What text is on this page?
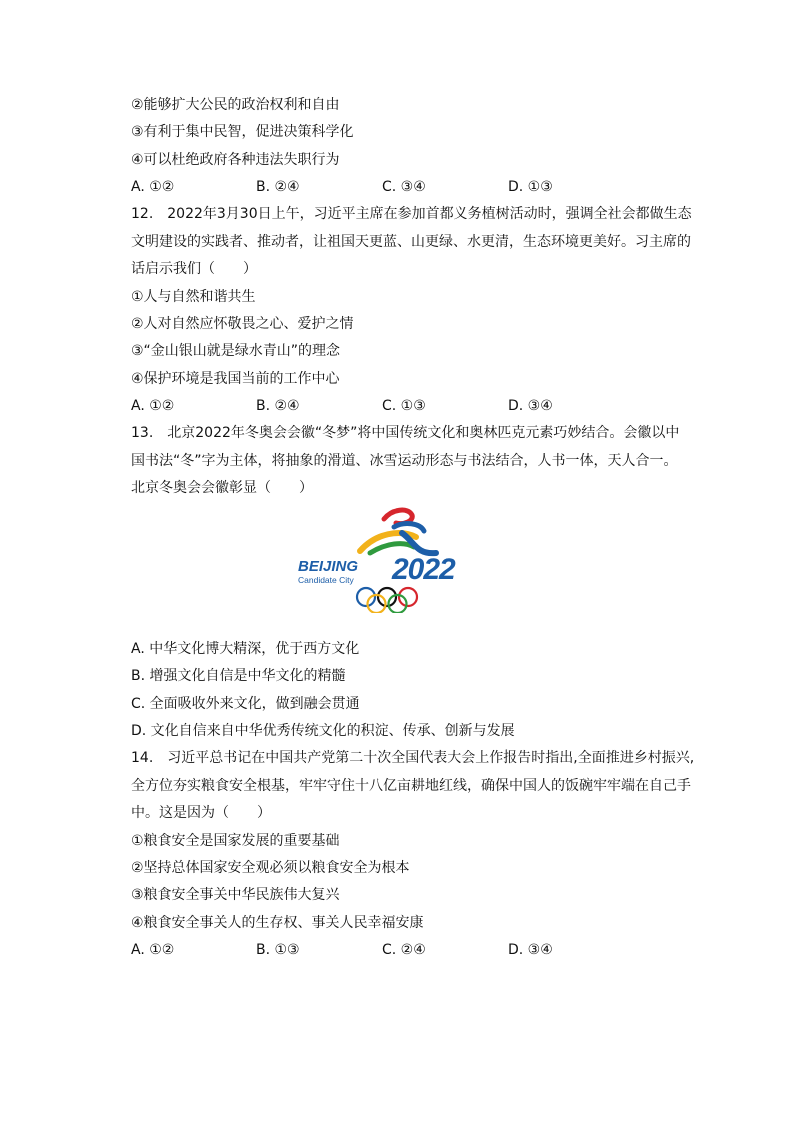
②能够扩大公民的政治权利和自由
③有利于集中民智，促进决策科学化
④可以杜绝政府各种违法失职行为
A. ①②	B. ②④	C. ③④	D. ①③
12.　2022年3月30日上午，习近平主席在参加首都义务植树活动时，强调全社会都做生态
文明建设的实践者、推动者，让祖国天更蓝、山更绿、水更清，生态环境更美好。习主席的
话启示我们（　　）
①人与自然和谐共生
②人对自然应怀敬畏之心、爱护之情
③“金山银山就是绿水青山”的理念
④保护环境是我国当前的工作中心
A. ①②	B. ②④	C. ①③	D. ③④
13.　北京2022年冬奥会会徽“冬梦”将中国传统文化和奥林匹克元素巧妙结合。会徽以中
国书法“冬”字为主体，将抽象的滑道、冰雪运动形态与书法结合，人书一体，天人合一。
北京冬奥会会徽彰显（　　）
BEIJING
Candidate City 2022
A. 中华文化博大精深，优于西方文化
B. 增强文化自信是中华文化的精髓
C. 全面吸收外来文化，做到融会贯通
D. 文化自信来自中华优秀传统文化的积淀、传承、创新与发展
14.　习近平总书记在中国共产党第二十次全国代表大会上作报告时指出,全面推进乡村振兴,
全方位夯实粮食安全根基，牢牢守住十八亿亩耕地红线，确保中国人的饭碗牢牢端在自己手
中。这是因为（　　）
①粮食安全是国家发展的重要基础
②坚持总体国家安全观必须以粮食安全为根本
③粮食安全事关中华民族伟大复兴
④粮食安全事关人的生存权、事关人民幸福安康
A. ①②	B. ①③	C. ②④	D. ③④
